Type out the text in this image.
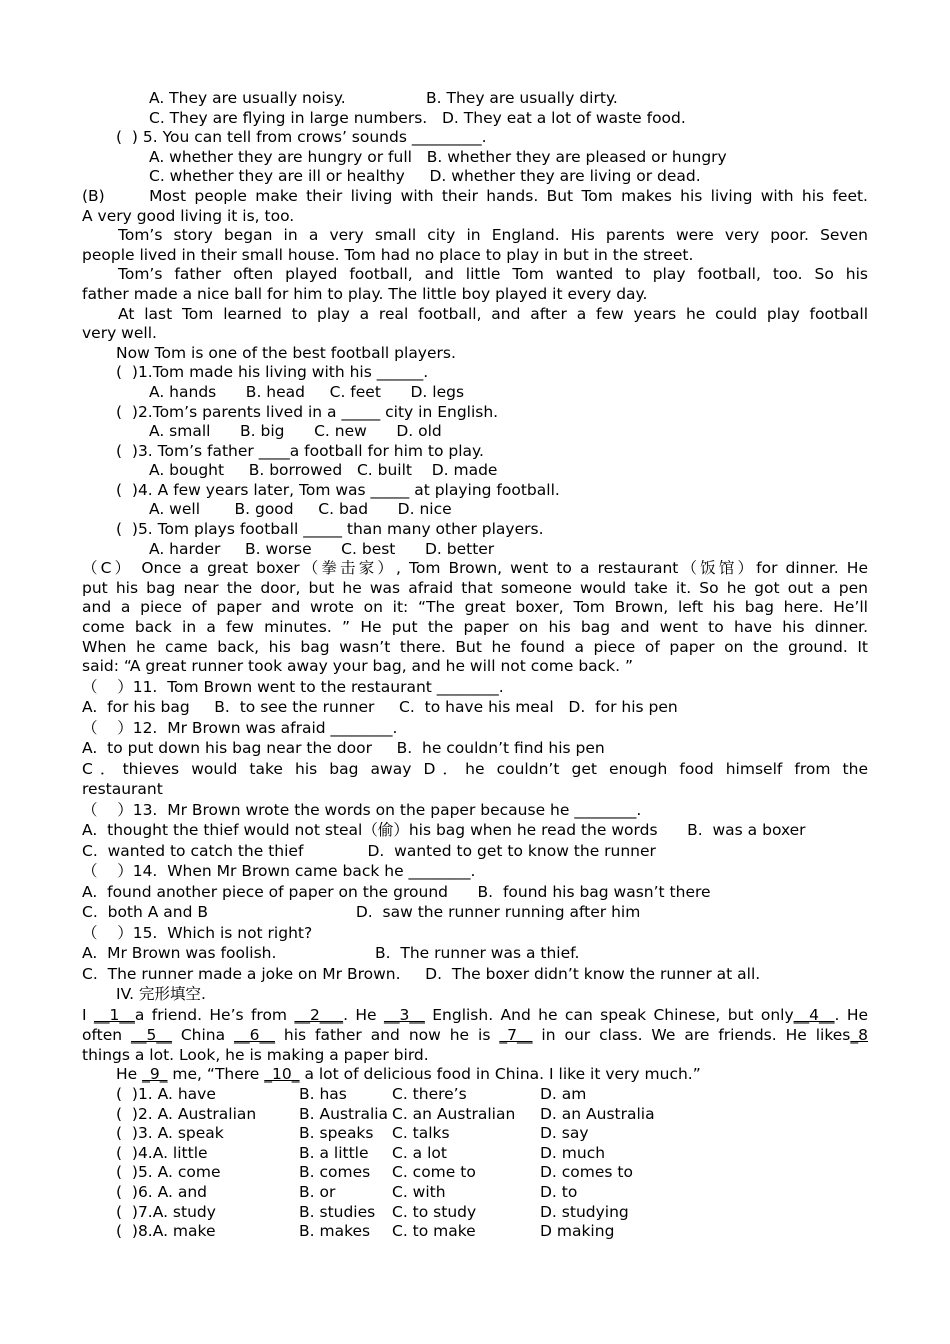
A. They are usually noisy.	B. They are usually dirty.
C. They are flying in large numbers. D. They eat a lot of waste food.
(  ) 5. You can tell from crows’ sounds _________.
A. whether they are hungry or full B. whether they are pleased or hungry
C. whether they are ill or healthy D. whether they are living or dead.
(B)	Most people make their living with their hands. But Tom makes his living with his feet.
A very good living it is, too.
Tom’s story began in a very small city in England. His parents were very poor. Seven
people lived in their small house. Tom had no place to play in but in the street.
Tom’s father often played football, and little Tom wanted to play football, too. So his
father made a nice ball for him to play. The little boy played it every day.
At last Tom learned to play a real football, and after a few years he could play football
very well.
Now Tom is one of the best football players.
(  )1.Tom made his living with his ______.
A. hands      B. head     C. feet      D. legs
(  )2.Tom’s parents lived in a _____ city in English.
A. small      B. big      C. new      D. old
(  )3. Tom’s father ____a football for him to play.
A. bought     B. borrowed   C. built    D. made
(  )4. A few years later, Tom was _____ at playing football.
A. well       B. good     C. bad      D. nice
(  )5. Tom plays football _____ than many other players.
A. harder     B. worse      C. best      D. better
（C） Once a great boxer（拳击家）, Tom Brown, went to a restaurant（饭馆）for dinner. He
put his bag near the door, but he was afraid that someone would take it. So he got out a pen
and a piece of paper and wrote on it: “The great boxer, Tom Brown, left his bag here. He’ll
come back in a few minutes. ” He put the paper on his bag and went to have his dinner.
When he came back, his bag wasn’t there. But he found a piece of paper on the ground. It
said: “A great runner took away your bag, and he will not come back. ”
（    ）11.  Tom Brown went to the restaurant ________.
A.  for his bag     B.  to see the runner     C.  to have his meal   D.  for his pen
（    ）12.  Mr Brown was afraid ________.
A.  to put down his bag near the door     B.  he couldn’t find his pen
C．thieves would take his bag away D．he couldn’t get enough food himself from the
restaurant
（    ）13.  Mr Brown wrote the words on the paper because he ________.
A.  thought the thief would not steal（偷）his bag when he read the words      B.  was a boxer
C.  wanted to catch the thief             D.  wanted to get to know the runner
（    ）14.  When Mr Brown came back he ________.
A.  found another piece of paper on the ground      B.  found his bag wasn’t there
C.  both A and B                              D.  saw the runner running after him
（    ）15.  Which is not right?
A.  Mr Brown was foolish.                    B.  The runner was a thief.
C.  The runner made a joke on Mr Brown.     D.  The boxer didn’t know the runner at all.
IV. 完形填空.
I __1__a friend. He’s from __2___. He __3__ English. And he can speak Chinese, but only__4__. He
often __5__ China __6__ his father and now he is _7__ in our class. We are friends. He likes_8
things a lot. Look, he is making a paper bird.
He _9_ me, “There _10_ a lot of delicious food in China. I like it very much.”
(  )1. A. have	B. has	C. there’s	D. am
(  )2. A. Australian	B. Australia	C. an Australian	D. an Australia
(  )3. A. speak	B. speaks	C. talks	D. say
(  )4.A. little	B. a little	C. a lot	D. much
(  )5. A. come	B. comes	C. come to	D. comes to
(  )6. A. and	B. or	C. with	D. to
(  )7.A. study	B. studies	C. to study	D. studying
(  )8.A. make	B. makes	C. to make	D making
